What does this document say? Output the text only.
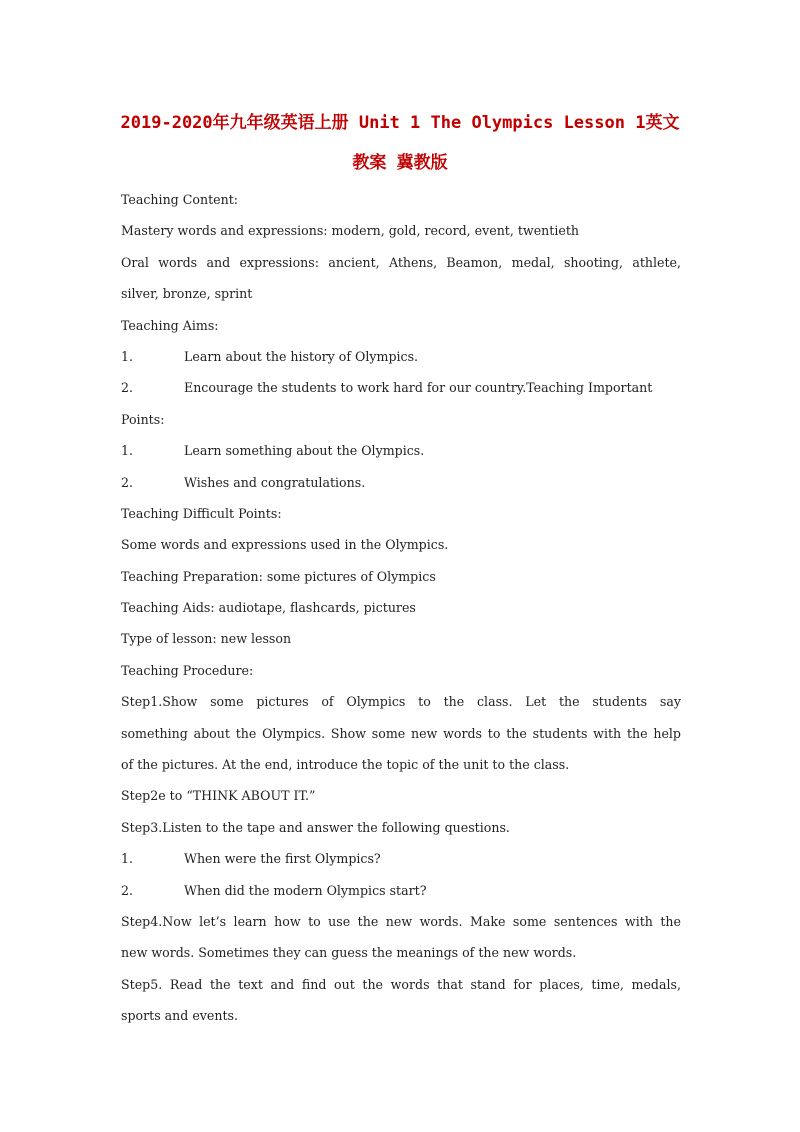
2019-2020年九年级英语上册 Unit 1 The Olympics Lesson 1英文
教案 冀教版
Teaching Content:
Mastery words and expressions: modern, gold, record, event, twentieth
Oral words and expressions: ancient, Athens, Beamon, medal, shooting, athlete,
silver, bronze, sprint
Teaching Aims:
1.	Learn about the history of Olympics.
2.	Encourage the students to work hard for our country.Teaching Important
Points:
1.	Learn something about the Olympics.
2.	Wishes and congratulations.
Teaching Difficult Points:
Some words and expressions used in the Olympics.
Teaching Preparation: some pictures of Olympics
Teaching Aids: audiotape, flashcards, pictures
Type of lesson: new lesson
Teaching Procedure:
Step1.Show some pictures of Olympics to the class. Let the students say
something about the Olympics. Show some new words to the students with the help
of the pictures. At the end, introduce the topic of the unit to the class.
Step2e to “THINK ABOUT IT.”
Step3.Listen to the tape and answer the following questions.
1.	When were the first Olympics?
2.	When did the modern Olympics start?
Step4.Now let’s learn how to use the new words. Make some sentences with the
new words. Sometimes they can guess the meanings of the new words.
Step5. Read the text and find out the words that stand for places, time, medals,
sports and events.
